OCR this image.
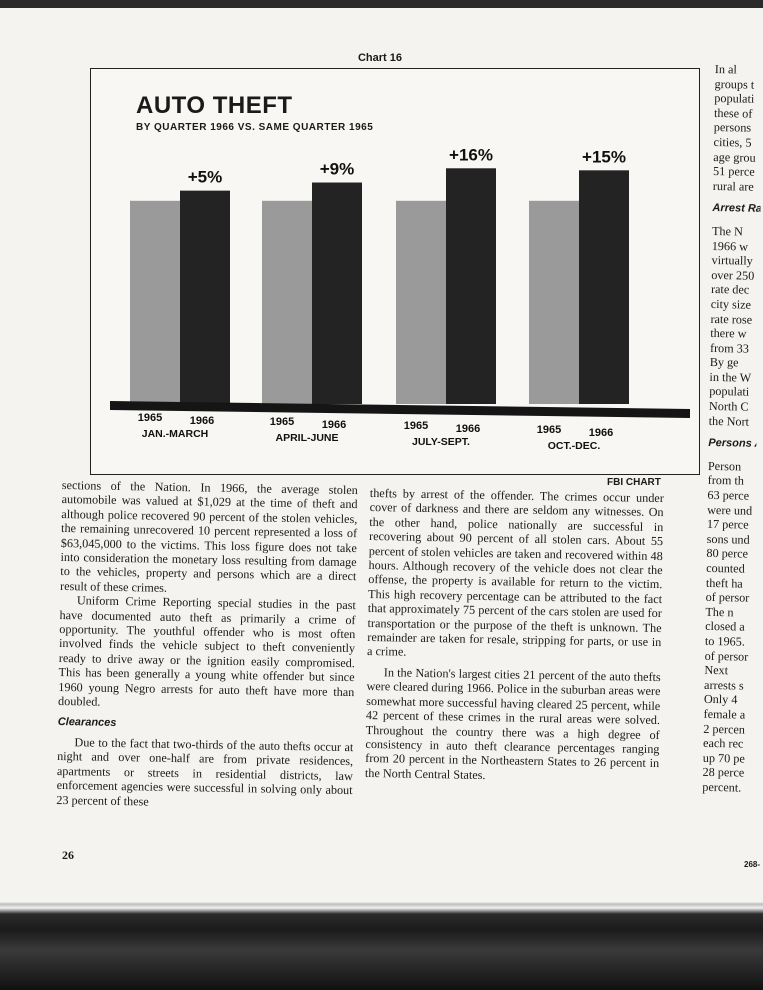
Chart 16
+5%
1965	1966
JAN.-MARCH
+9%
1965	1966
APRIL-JUNE
+16%
1965	1966
JULY-SEPT.
+15%
1965	1966
OCT.-DEC.
AUTO THEFT
BY QUARTER 1966 VS. SAME QUARTER 1965
FBI CHART

sections of the Nation. In 1966, the average stolen automobile was valued at $1,029 at the time of theft and although police recovered 90 percent of the stolen vehicles, the remaining unrecovered 10 percent represented a loss of $63,045,000 to the victims. This loss figure does not take into consideration the monetary loss resulting from damage to the vehicles, property and persons which are a direct result of these crimes.

Uniform Crime Reporting special studies in the past have documented auto theft as primarily a crime of opportunity. The youthful offender who is most often involved finds the vehicle subject to theft conveniently ready to drive away or the ignition easily compromised. This has been generally a young white offender but since 1960 young Negro arrests for auto theft have more than doubled.

Clearances

Due to the fact that two-thirds of the auto thefts occur at night and over one-half are from private residences, apartments or streets in residential districts, law enforcement agencies were successful in solving only about 23 percent of these

thefts by arrest of the offender. The crimes occur under cover of darkness and there are seldom any witnesses. On the other hand, police nationally are successful in recovering about 90 percent of all stolen cars. About 55 percent of stolen vehicles are taken and recovered within 48 hours. Although recovery of the vehicle does not clear the offense, the property is available for return to the victim. This high recovery percentage can be attributed to the fact that approximately 75 percent of the cars stolen are used for transportation or the purpose of the theft is unknown. The remainder are taken for resale, stripping for parts, or use in a crime.

In the Nation's largest cities 21 percent of the auto thefts were cleared during 1966. Police in the suburban areas were somewhat more successful having cleared 25 percent, while 42 percent of these crimes in the rural areas were solved. Throughout the country there was a high degree of consistency in auto theft clearance percentages ranging from 20 percent in the Northeastern States to 26 percent in the North Central States.

In al
groups t
populati
these of
persons
cities, 5
age grou
51 perce
rural are
Arrest Ra
The N
1966 w
virtually
over 250
rate dec
city size
rate rose
there w
from 33
By ge
in the W
populati
North C
the Nort
Persons A
Person
from th
63 perce
were und
17 perce
sons und
80 perce
counted
theft ha
of persor
The n
closed a
to 1965.
of persor
Next
arrests s
Only 4
female a
2 percen
each rec
up 70 pe
28 perce
percent.
26
268-
